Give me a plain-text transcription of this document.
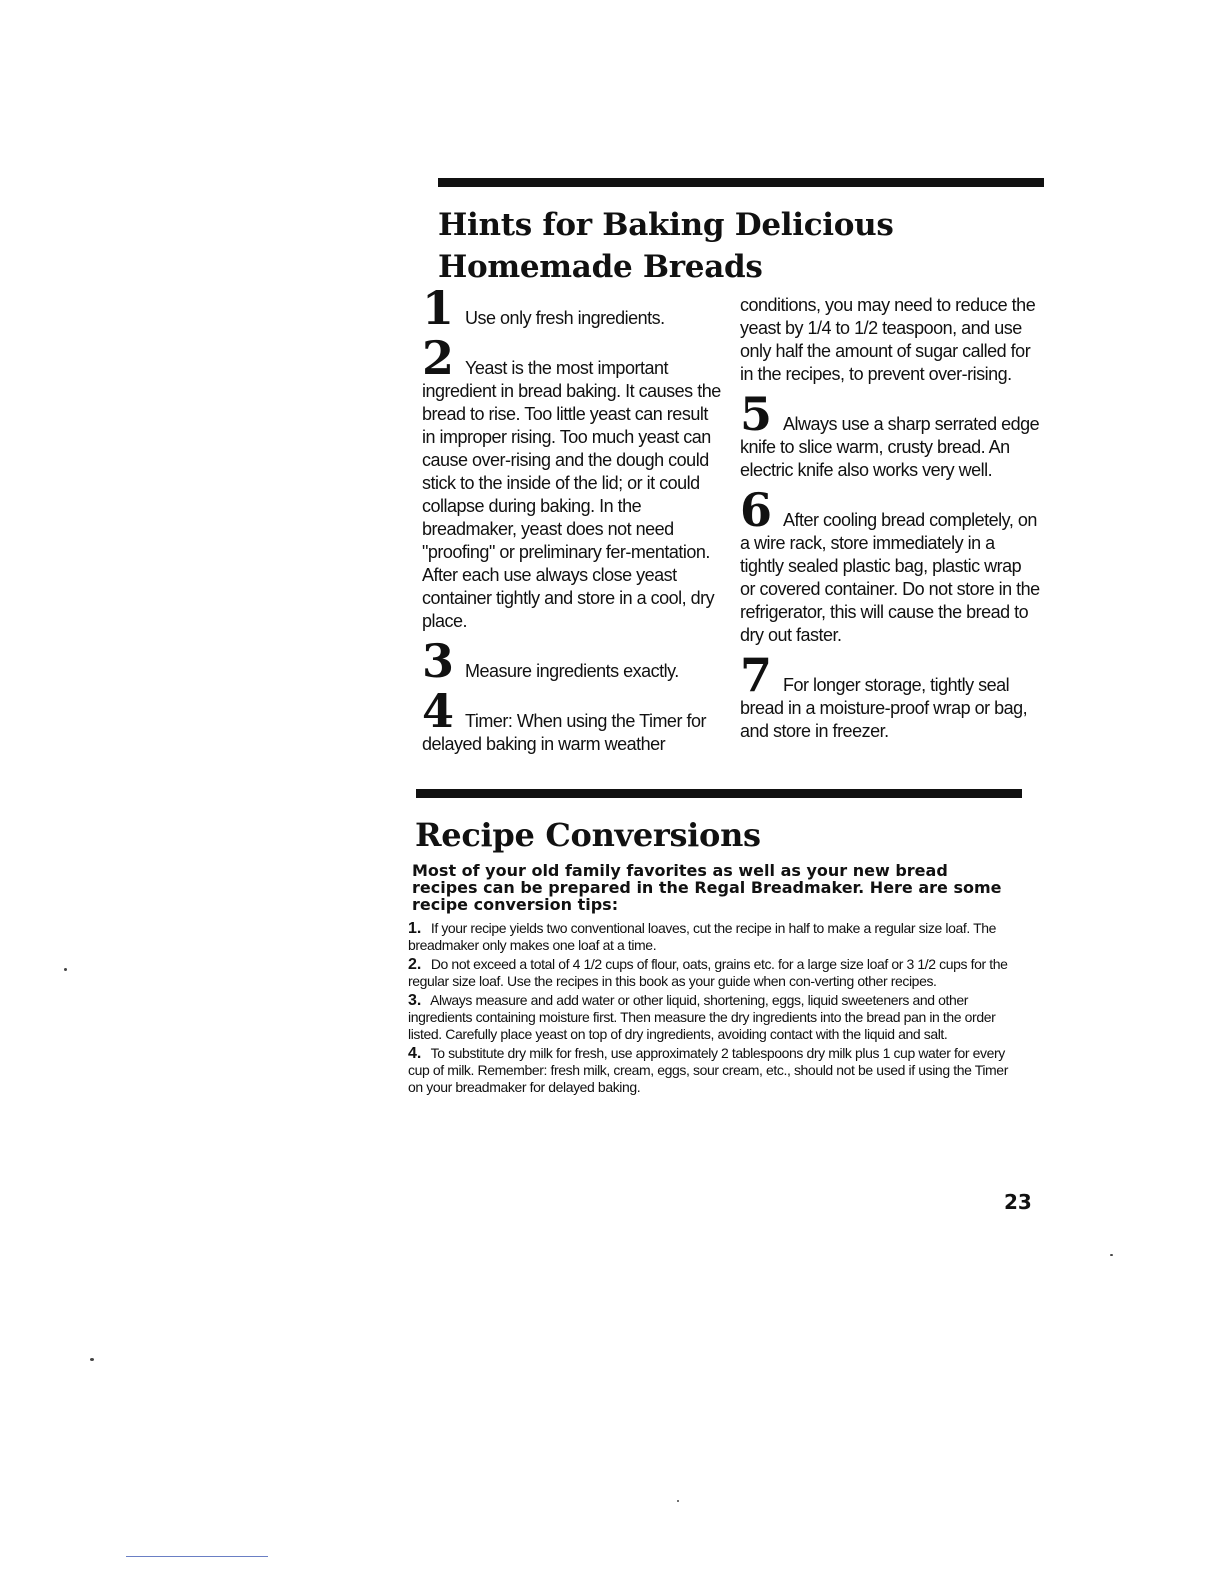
Hints for Baking Delicious
Homemade Breads

1 Use only fresh ingredients.

2 Yeast is the most important ingredient in bread baking. It causes the bread to rise. Too little yeast can result in improper rising. Too much yeast can cause over-rising and the dough could stick to the inside of the lid; or it could collapse during baking. In the breadmaker, yeast does not need "proofing" or preliminary fer-mentation. After each use always close yeast container tightly and store in a cool, dry place.

3 Measure ingredients exactly.

4 Timer: When using the Timer for delayed baking in warm weather

conditions, you may need to reduce the yeast by 1/4 to 1/2 teaspoon, and use only half the amount of sugar called for in the recipes, to prevent over-rising.

5 Always use a sharp serrated edge knife to slice warm, crusty bread. An electric knife also works very well.

6 After cooling bread completely, on a wire rack, store immediately in a tightly sealed plastic bag, plastic wrap or covered container. Do not store in the refrigerator, this will cause the bread to dry out faster.

7 For longer storage, tightly seal bread in a moisture-proof wrap or bag, and store in freezer.

Recipe Conversions

Most of your old family favorites as well as your new bread recipes can be prepared in the Regal Breadmaker. Here are some recipe conversion tips:

1. If your recipe yields two conventional loaves, cut the recipe in half to make a regular size loaf. The breadmaker only makes one loaf at a time.

2. Do not exceed a total of 4 1/2 cups of flour, oats, grains etc. for a large size loaf or 3 1/2 cups for the regular size loaf. Use the recipes in this book as your guide when con-verting other recipes.

3. Always measure and add water or other liquid, shortening, eggs, liquid sweeteners and other ingredients containing moisture first. Then measure the dry ingredients into the bread pan in the order listed. Carefully place yeast on top of dry ingredients, avoiding contact with the liquid and salt.

4. To substitute dry milk for fresh, use approximately 2 tablespoons dry milk plus 1 cup water for every cup of milk. Remember: fresh milk, cream, eggs, sour cream, etc., should not be used if using the Timer on your breadmaker for delayed baking.

23
